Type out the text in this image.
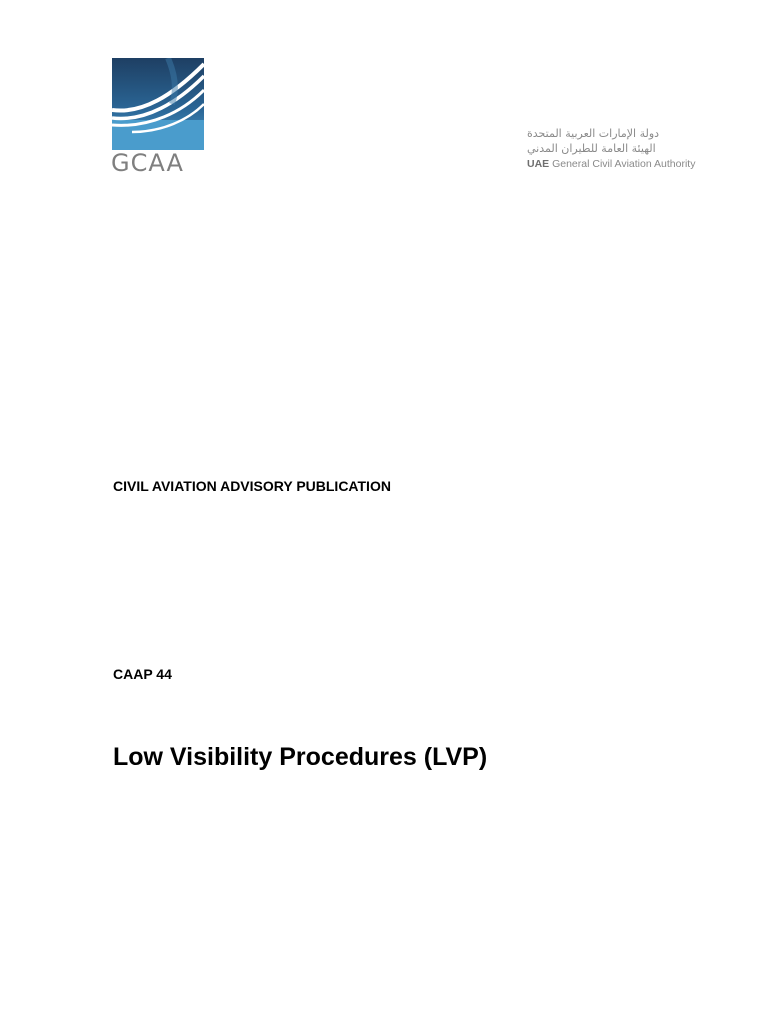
GCAA
دولة الإمارات العربية المتحدة
الهيئة العامة للطيران المدني
UAE General Civil Aviation Authority
CIVIL AVIATION ADVISORY PUBLICATION
CAAP 44
Low Visibility Procedures (LVP)
